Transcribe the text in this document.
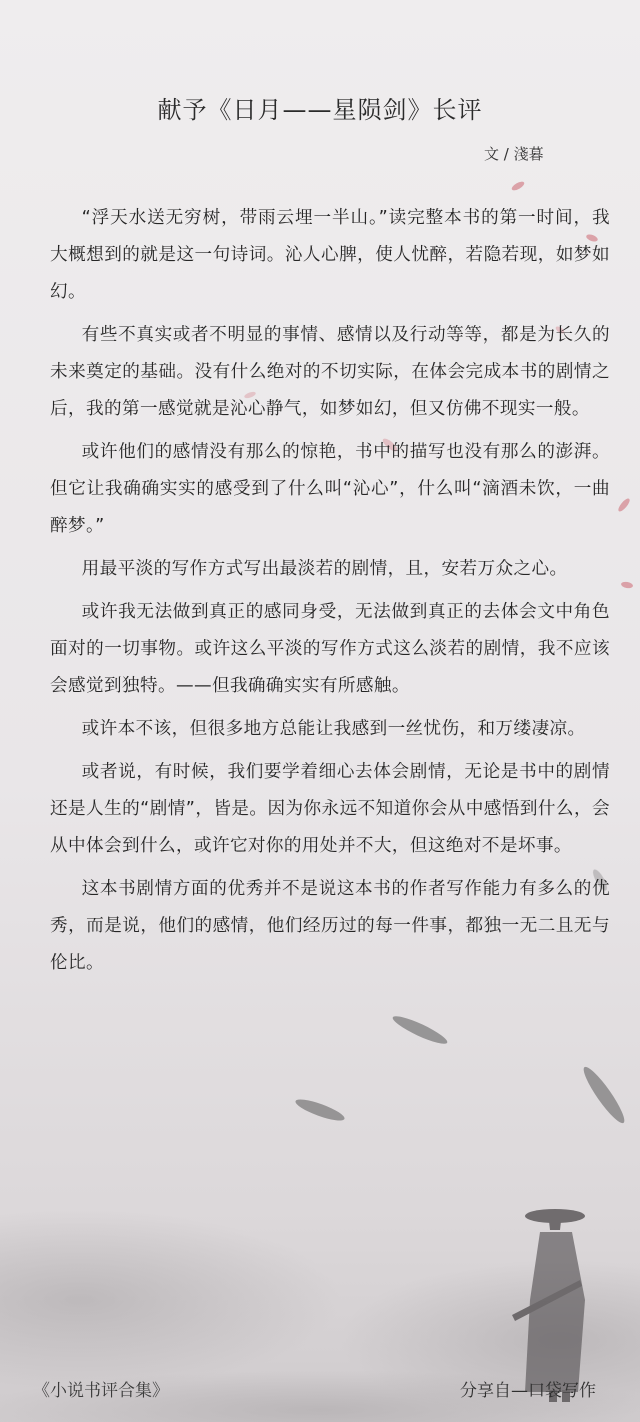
献予《日月——星陨剑》长评
文 / 淺暮

“浮天水送无穷树，带雨云埋一半山。”读完整本书的第一时间，我大概想到的就是这一句诗词。沁人心脾，使人忧醉，若隐若现，如梦如幻。

有些不真实或者不明显的事情、感情以及行动等等，都是为长久的未来奠定的基础。没有什么绝对的不切实际，在体会完成本书的剧情之后，我的第一感觉就是沁心静气，如梦如幻，但又仿佛不现实一般。

或许他们的感情没有那么的惊艳，书中的描写也没有那么的澎湃。但它让我确确实实的感受到了什么叫“沁心”，什么叫“滴酒未饮，一曲醉梦。”

用最平淡的写作方式写出最淡若的剧情，且，安若万众之心。

或许我无法做到真正的感同身受，无法做到真正的去体会文中角色面对的一切事物。或许这么平淡的写作方式这么淡若的剧情，我不应该会感觉到独特。——但我确确实实有所感触。

或许本不该，但很多地方总能让我感到一丝忧伤，和万缕凄凉。

或者说，有时候，我们要学着细心去体会剧情，无论是书中的剧情还是人生的“剧情”，皆是。因为你永远不知道你会从中感悟到什么，会从中体会到什么，或许它对你的用处并不大，但这绝对不是坏事。

这本书剧情方面的优秀并不是说这本书的作者写作能力有多么的优秀，而是说，他们的感情，他们经历过的每一件事，都独一无二且无与伦比。

《小说书评合集》	分享自—口袋写作
